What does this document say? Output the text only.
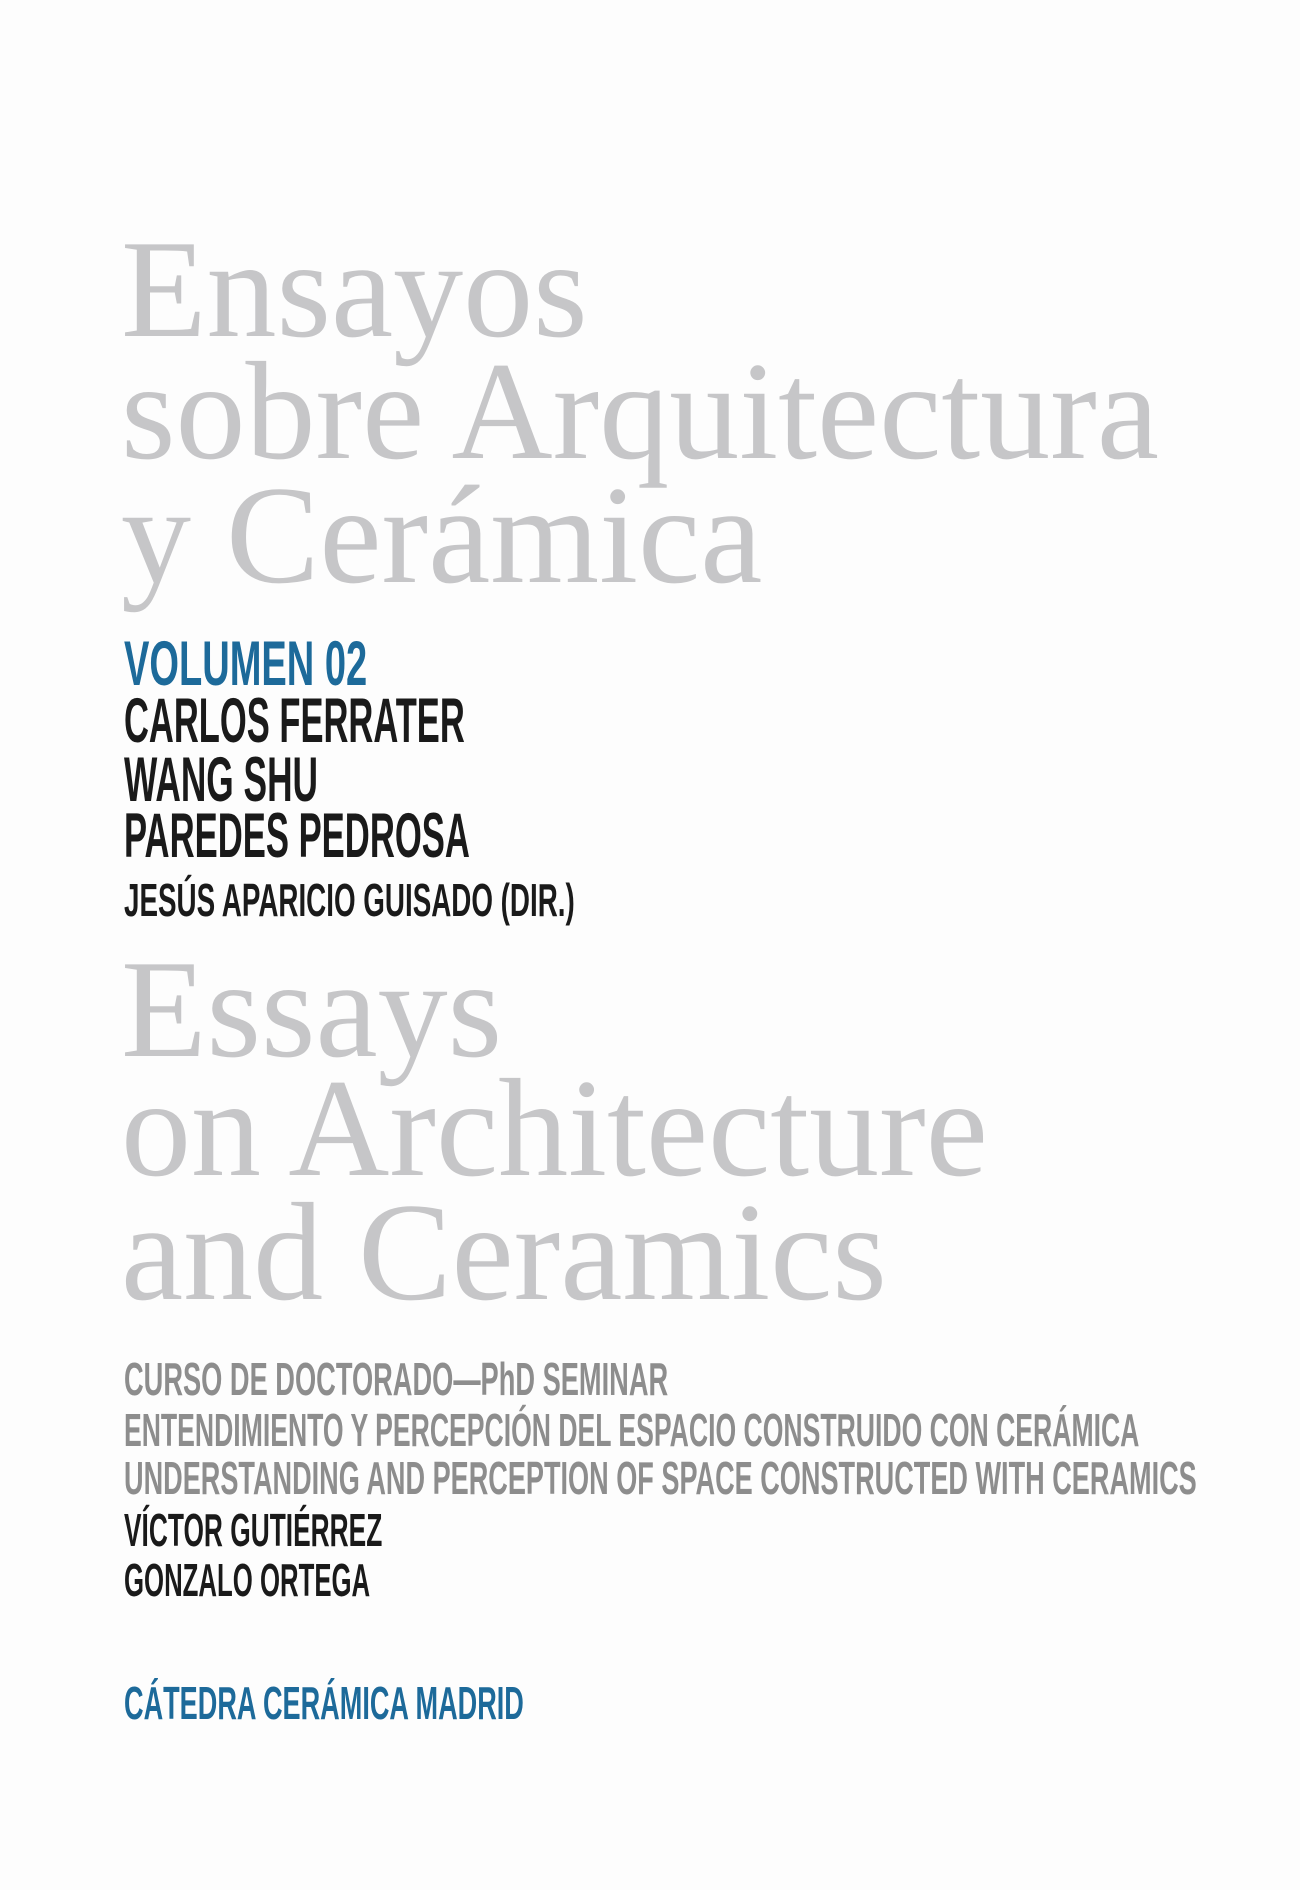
Ensayos
sobre Arquitectura
y Cerámica
VOLUMEN 02
CARLOS FERRATER
WANG SHU
PAREDES PEDROSA
JESÚS APARICIO GUISADO (DIR.)
Essays
on Architecture
and Ceramics
CURSO DE DOCTORADO—PhD SEMINAR
ENTENDIMIENTO Y PERCEPCIÓN DEL ESPACIO CONSTRUIDO CON CERÁMICA
UNDERSTANDING AND PERCEPTION OF SPACE CONSTRUCTED WITH CERAMICS
VÍCTOR GUTIÉRREZ
GONZALO ORTEGA
CÁTEDRA CERÁMICA MADRID
